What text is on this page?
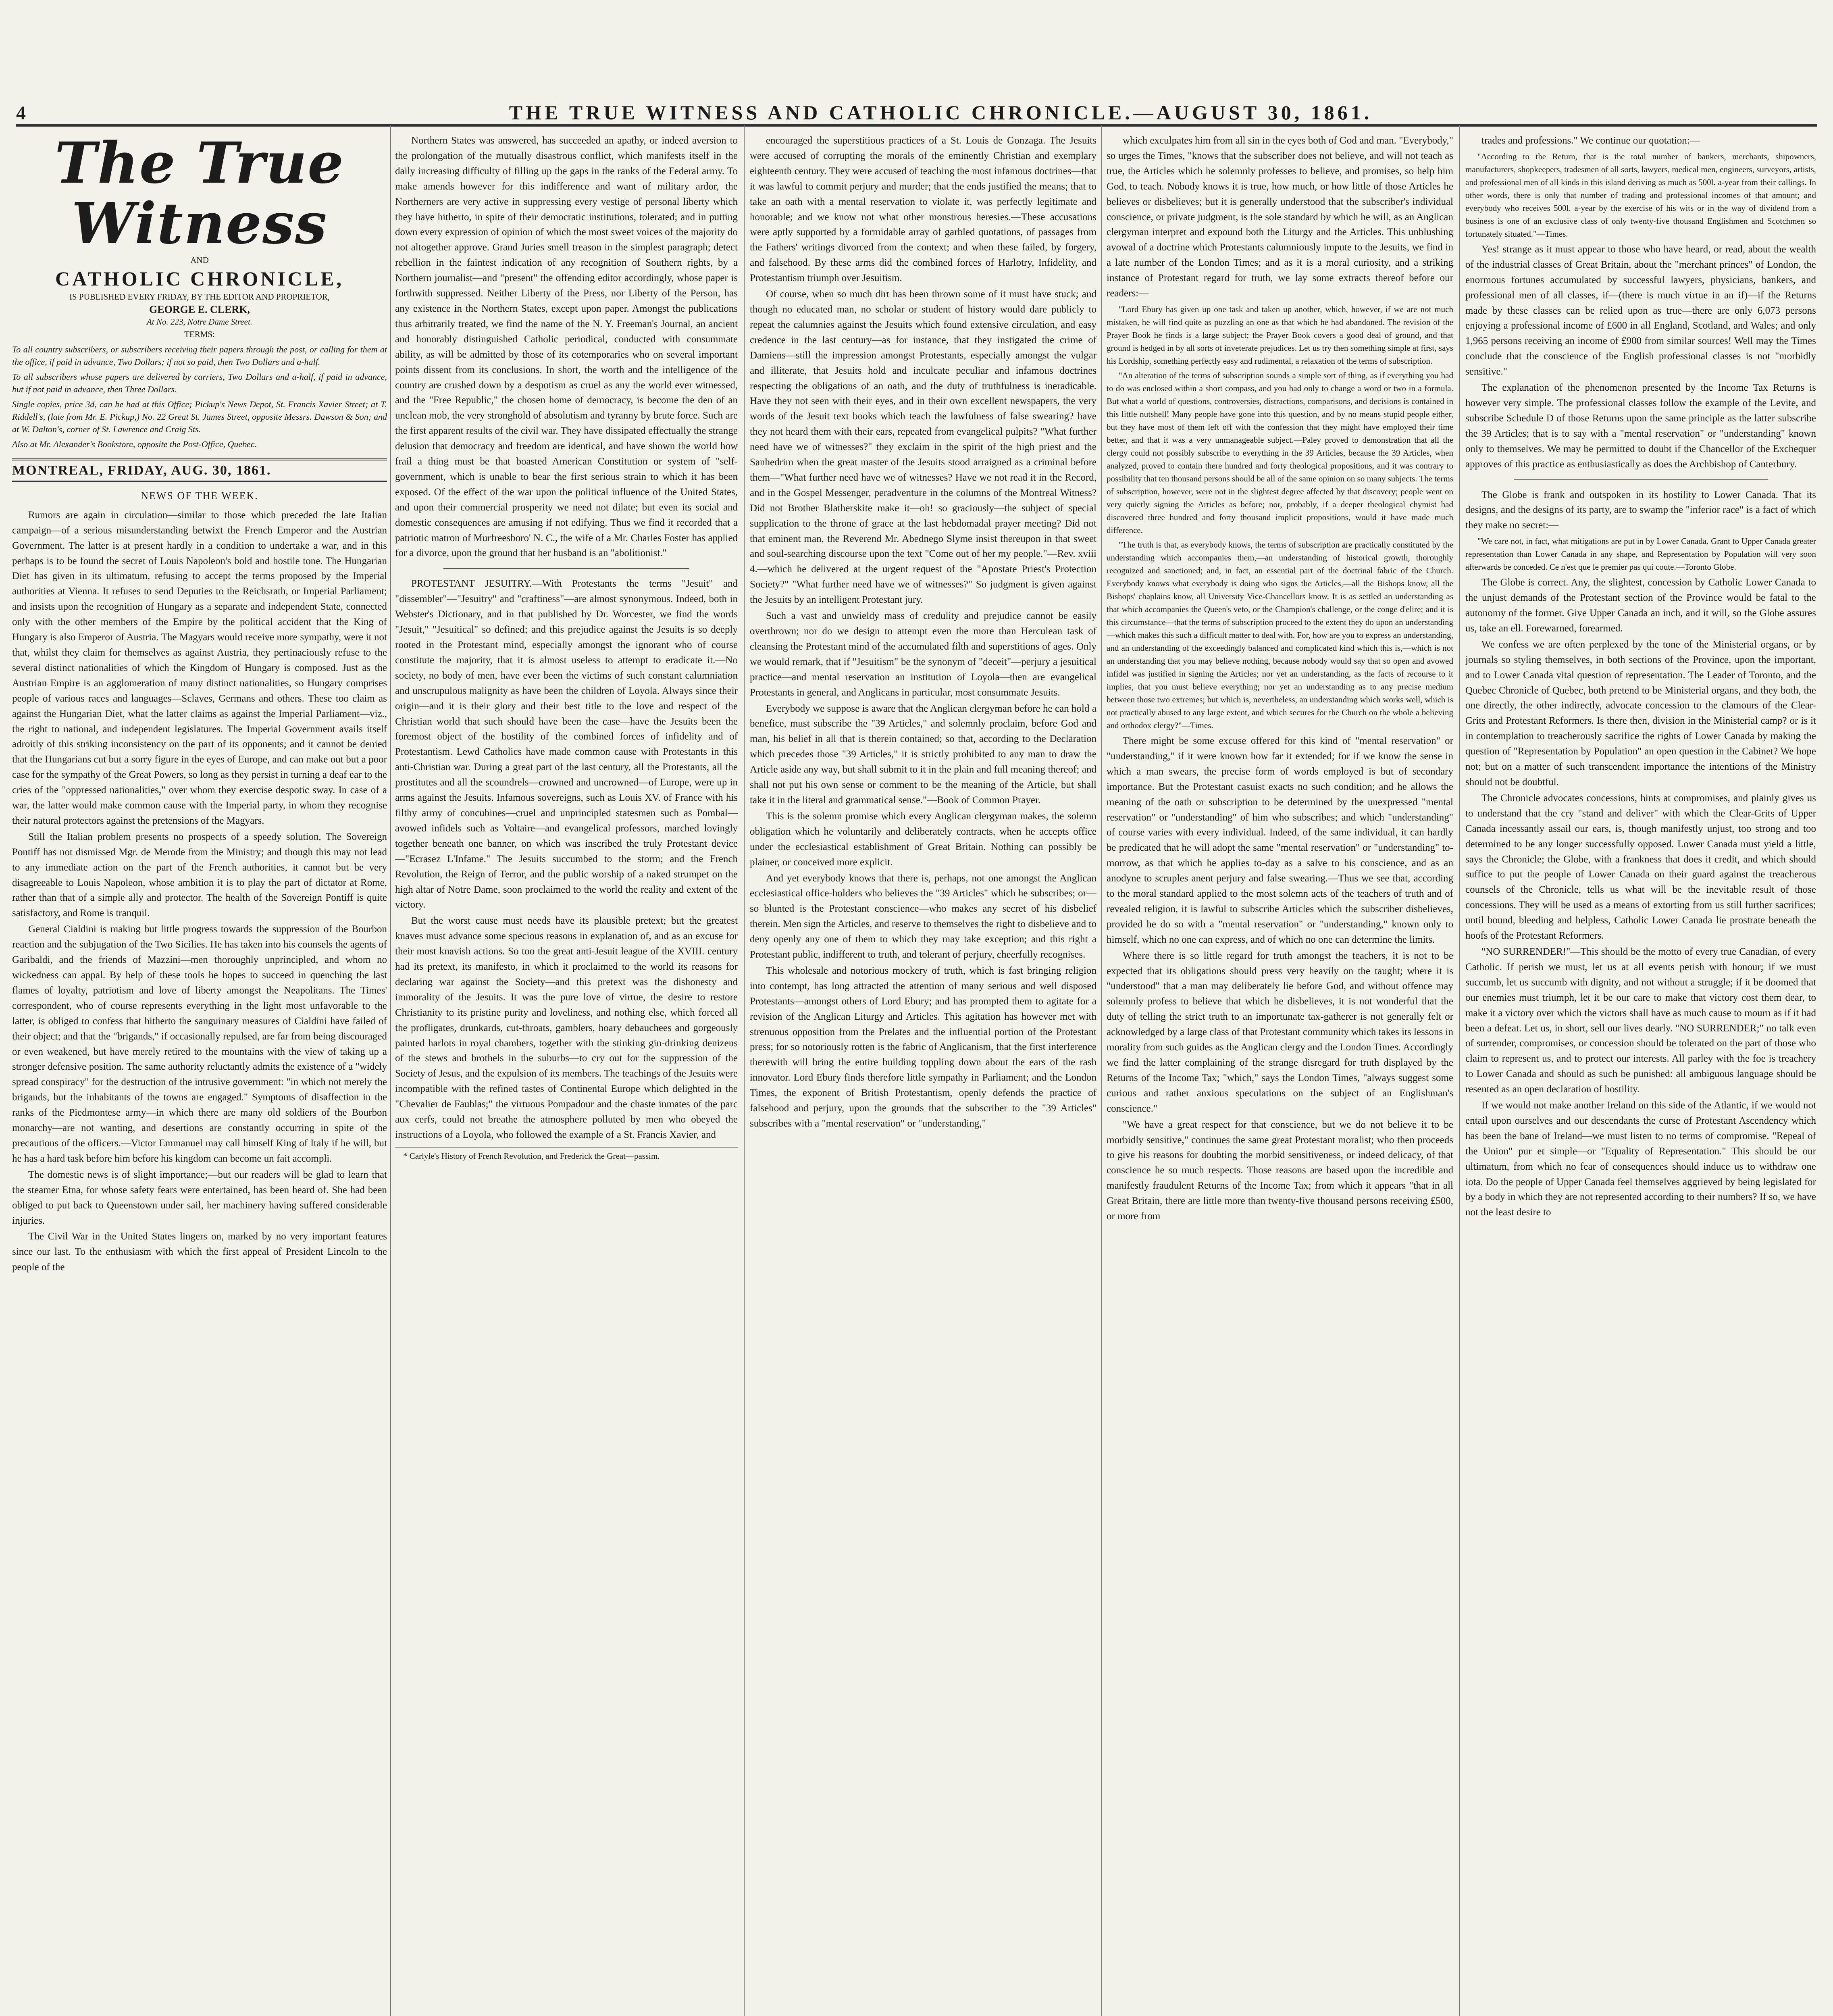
4	THE TRUE WITNESS AND CATHOLIC CHRONICLE.—AUGUST 30, 1861.
The True Witness
AND
CATHOLIC CHRONICLE,
IS PUBLISHED EVERY FRIDAY, BY THE EDITOR AND PROPRIETOR,
GEORGE E. CLERK,
At No. 223, Notre Dame Street.
TERMS:
To all country subscribers, or subscribers receiving their papers through the post, or calling for them at the office, if paid in advance, Two Dollars; if not so paid, then Two Dollars and a-half.
To all subscribers whose papers are delivered by carriers, Two Dollars and a-half, if paid in advance, but if not paid in advance, then Three Dollars.
Single copies, price 3d, can be had at this Office; Pickup's News Depot, St. Francis Xavier Street; at T. Riddell's, (late from Mr. E. Pickup,) No. 22 Great St. James Street, opposite Messrs. Dawson & Son; and at W. Dalton's, corner of St. Lawrence and Craig Sts.
Also at Mr. Alexander's Bookstore, opposite the Post-Office, Quebec.
MONTREAL, FRIDAY, AUG. 30, 1861.
NEWS OF THE WEEK.

Rumors are again in circulation—similar to those which preceded the late Italian campaign—of a serious misunderstanding betwixt the French Emperor and the Austrian Government. The latter is at present hardly in a condition to undertake a war, and in this perhaps is to be found the secret of Louis Napoleon's bold and hostile tone. The Hungarian Diet has given in its ultimatum, refusing to accept the terms proposed by the Imperial authorities at Vienna. It refuses to send Deputies to the Reichsrath, or Imperial Parliament; and insists upon the recognition of Hungary as a separate and independent State, connected only with the other members of the Empire by the political accident that the King of Hungary is also Emperor of Austria. The Magyars would receive more sympathy, were it not that, whilst they claim for themselves as against Austria, they pertinaciously refuse to the several distinct nationalities of which the Kingdom of Hungary is composed. Just as the Austrian Empire is an agglomeration of many distinct nationalities, so Hungary comprises people of various races and languages—Sclaves, Germans and others. These too claim as against the Hungarian Diet, what the latter claims as against the Imperial Parliament—viz., the right to national, and independent legislatures. The Imperial Government avails itself adroitly of this striking inconsistency on the part of its opponents; and it cannot be denied that the Hungarians cut but a sorry figure in the eyes of Europe, and can make out but a poor case for the sympathy of the Great Powers, so long as they persist in turning a deaf ear to the cries of the "oppressed nationalities," over whom they exercise despotic sway. In case of a war, the latter would make common cause with the Imperial party, in whom they recognise their natural protectors against the pretensions of the Magyars.

Still the Italian problem presents no prospects of a speedy solution. The Sovereign Pontiff has not dismissed Mgr. de Merode from the Ministry; and though this may not lead to any immediate action on the part of the French authorities, it cannot but be very disagreeable to Louis Napoleon, whose ambition it is to play the part of dictator at Rome, rather than that of a simple ally and protector. The health of the Sovereign Pontiff is quite satisfactory, and Rome is tranquil.

General Cialdini is making but little progress towards the suppression of the Bourbon reaction and the subjugation of the Two Sicilies. He has taken into his counsels the agents of Garibaldi, and the friends of Mazzini—men thoroughly unprincipled, and whom no wickedness can appal. By help of these tools he hopes to succeed in quenching the last flames of loyalty, patriotism and love of liberty amongst the Neapolitans. The Times' correspondent, who of course represents everything in the light most unfavorable to the latter, is obliged to confess that hitherto the sanguinary measures of Cialdini have failed of their object; and that the "brigands," if occasionally repulsed, are far from being discouraged or even weakened, but have merely retired to the mountains with the view of taking up a stronger defensive position. The same authority reluctantly admits the existence of a "widely spread conspiracy" for the destruction of the intrusive government: "in which not merely the brigands, but the inhabitants of the towns are engaged." Symptoms of disaffection in the ranks of the Piedmontese army—in which there are many old soldiers of the Bourbon monarchy—are not wanting, and desertions are constantly occurring in spite of the precautions of the officers.—Victor Emmanuel may call himself King of Italy if he will, but he has a hard task before him before his kingdom can become un fait accompli.

The domestic news is of slight importance;—but our readers will be glad to learn that the steamer Etna, for whose safety fears were entertained, has been heard of. She had been obliged to put back to Queenstown under sail, her machinery having suffered considerable injuries.

The Civil War in the United States lingers on, marked by no very important features since our last. To the enthusiasm with which the first appeal of President Lincoln to the people of the

Northern States was answered, has succeeded an apathy, or indeed aversion to the prolongation of the mutually disastrous conflict, which manifests itself in the daily increasing difficulty of filling up the gaps in the ranks of the Federal army. To make amends however for this indifference and want of military ardor, the Northerners are very active in suppressing every vestige of personal liberty which they have hitherto, in spite of their democratic institutions, tolerated; and in putting down every expression of opinion of which the most sweet voices of the majority do not altogether approve. Grand Juries smell treason in the simplest paragraph; detect rebellion in the faintest indication of any recognition of Southern rights, by a Northern journalist—and "present" the offending editor accordingly, whose paper is forthwith suppressed. Neither Liberty of the Press, nor Liberty of the Person, has any existence in the Northern States, except upon paper. Amongst the publications thus arbitrarily treated, we find the name of the N. Y. Freeman's Journal, an ancient and honorably distinguished Catholic periodical, conducted with consummate ability, as will be admitted by those of its cotemporaries who on several important points dissent from its conclusions. In short, the worth and the intelligence of the country are crushed down by a despotism as cruel as any the world ever witnessed, and the "Free Republic," the chosen home of democracy, is become the den of an unclean mob, the very stronghold of absolutism and tyranny by brute force. Such are the first apparent results of the civil war. They have dissipated effectually the strange delusion that democracy and freedom are identical, and have shown the world how frail a thing must be that boasted American Constitution or system of "self-government, which is unable to bear the first serious strain to which it has been exposed. Of the effect of the war upon the political influence of the United States, and upon their commercial prosperity we need not dilate; but even its social and domestic consequences are amusing if not edifying. Thus we find it recorded that a patriotic matron of Murfreesboro' N. C., the wife of a Mr. Charles Foster has applied for a divorce, upon the ground that her husband is an "abolitionist."

PROTESTANT JESUITRY.—With Protestants the terms "Jesuit" and "dissembler"—"Jesuitry" and "craftiness"—are almost synonymous. Indeed, both in Webster's Dictionary, and in that published by Dr. Worcester, we find the words "Jesuit," "Jesuitical" so defined; and this prejudice against the Jesuits is so deeply rooted in the Protestant mind, especially amongst the ignorant who of course constitute the majority, that it is almost useless to attempt to eradicate it.—No society, no body of men, have ever been the victims of such constant calumniation and unscrupulous malignity as have been the children of Loyola. Always since their origin—and it is their glory and their best title to the love and respect of the Christian world that such should have been the case—have the Jesuits been the foremost object of the hostility of the combined forces of infidelity and of Protestantism. Lewd Catholics have made common cause with Protestants in this anti-Christian war. During a great part of the last century, all the Protestants, all the prostitutes and all the scoundrels—crowned and uncrowned—of Europe, were up in arms against the Jesuits. Infamous sovereigns, such as Louis XV. of France with his filthy army of concubines—cruel and unprincipled statesmen such as Pombal—avowed infidels such as Voltaire—and evangelical professors, marched lovingly together beneath one banner, on which was inscribed the truly Protestant device—"Ecrasez L'Infame." The Jesuits succumbed to the storm; and the French Revolution, the Reign of Terror, and the public worship of a naked strumpet on the high altar of Notre Dame, soon proclaimed to the world the reality and extent of the victory.

But the worst cause must needs have its plausible pretext; but the greatest knaves must advance some specious reasons in explanation of, and as an excuse for their most knavish actions. So too the great anti-Jesuit league of the XVIII. century had its pretext, its manifesto, in which it proclaimed to the world its reasons for declaring war against the Society—and this pretext was the dishonesty and immorality of the Jesuits. It was the pure love of virtue, the desire to restore Christianity to its pristine purity and loveliness, and nothing else, which forced all the profligates, drunkards, cut-throats, gamblers, hoary debauchees and gorgeously painted harlots in royal chambers, together with the stinking gin-drinking denizens of the stews and brothels in the suburbs—to cry out for the suppression of the Society of Jesus, and the expulsion of its members. The teachings of the Jesuits were incompatible with the refined tastes of Continental Europe which delighted in the "Chevalier de Faublas;" the virtuous Pompadour and the chaste inmates of the parc aux cerfs, could not breathe the atmosphere polluted by men who obeyed the instructions of a Loyola, who followed the example of a St. Francis Xavier, and

* Carlyle's History of French Revolution, and Frederick the Great—passim.

encouraged the superstitious practices of a St. Louis de Gonzaga. The Jesuits were accused of corrupting the morals of the eminently Christian and exemplary eighteenth century. They were accused of teaching the most infamous doctrines—that it was lawful to commit perjury and murder; that the ends justified the means; that to take an oath with a mental reservation to violate it, was perfectly legitimate and honorable; and we know not what other monstrous heresies.—These accusations were aptly supported by a formidable array of garbled quotations, of passages from the Fathers' writings divorced from the context; and when these failed, by forgery, and falsehood. By these arms did the combined forces of Harlotry, Infidelity, and Protestantism triumph over Jesuitism.

Of course, when so much dirt has been thrown some of it must have stuck; and though no educated man, no scholar or student of history would dare publicly to repeat the calumnies against the Jesuits which found extensive circulation, and easy credence in the last century—as for instance, that they instigated the crime of Damiens—still the impression amongst Protestants, especially amongst the vulgar and illiterate, that Jesuits hold and inculcate peculiar and infamous doctrines respecting the obligations of an oath, and the duty of truthfulness is ineradicable. Have they not seen with their eyes, and in their own excellent newspapers, the very words of the Jesuit text books which teach the lawfulness of false swearing? have they not heard them with their ears, repeated from evangelical pulpits? "What further need have we of witnesses?" they exclaim in the spirit of the high priest and the Sanhedrim when the great master of the Jesuits stood arraigned as a criminal before them—"What further need have we of witnesses? Have we not read it in the Record, and in the Gospel Messenger, peradventure in the columns of the Montreal Witness? Did not Brother Blatherskite make it—oh! so graciously—the subject of special supplication to the throne of grace at the last hebdomadal prayer meeting? Did not that eminent man, the Reverend Mr. Abednego Slyme insist thereupon in that sweet and soul-searching discourse upon the text "Come out of her my people."—Rev. xviii 4.—which he delivered at the urgent request of the "Apostate Priest's Protection Society?" "What further need have we of witnesses?" So judgment is given against the Jesuits by an intelligent Protestant jury.

Such a vast and unwieldy mass of credulity and prejudice cannot be easily overthrown; nor do we design to attempt even the more than Herculean task of cleansing the Protestant mind of the accumulated filth and superstitions of ages. Only we would remark, that if "Jesuitism" be the synonym of "deceit"—perjury a jesuitical practice—and mental reservation an institution of Loyola—then are evangelical Protestants in general, and Anglicans in particular, most consummate Jesuits.

Everybody we suppose is aware that the Anglican clergyman before he can hold a benefice, must subscribe the "39 Articles," and solemnly proclaim, before God and man, his belief in all that is therein contained; so that, according to the Declaration which precedes those "39 Articles," it is strictly prohibited to any man to draw the Article aside any way, but shall submit to it in the plain and full meaning thereof; and shall not put his own sense or comment to be the meaning of the Article, but shall take it in the literal and grammatical sense."—Book of Common Prayer.

This is the solemn promise which every Anglican clergyman makes, the solemn obligation which he voluntarily and deliberately contracts, when he accepts office under the ecclesiastical establishment of Great Britain. Nothing can possibly be plainer, or conceived more explicit.

And yet everybody knows that there is, perhaps, not one amongst the Anglican ecclesiastical office-holders who believes the "39 Articles" which he subscribes; or—so blunted is the Protestant conscience—who makes any secret of his disbelief therein. Men sign the Articles, and reserve to themselves the right to disbelieve and to deny openly any one of them to which they may take exception; and this right a Protestant public, indifferent to truth, and tolerant of perjury, cheerfully recognises.

This wholesale and notorious mockery of truth, which is fast bringing religion into contempt, has long attracted the attention of many serious and well disposed Protestants—amongst others of Lord Ebury; and has prompted them to agitate for a revision of the Anglican Liturgy and Articles. This agitation has however met with strenuous opposition from the Prelates and the influential portion of the Protestant press; for so notoriously rotten is the fabric of Anglicanism, that the first interference therewith will bring the entire building toppling down about the ears of the rash innovator. Lord Ebury finds therefore little sympathy in Parliament; and the London Times, the exponent of British Protestantism, openly defends the practice of falsehood and perjury, upon the grounds that the subscriber to the "39 Articles" subscribes with a "mental reservation" or "understanding,"

which exculpates him from all sin in the eyes both of God and man. "Everybody," so urges the Times, "knows that the subscriber does not believe, and will not teach as true, the Articles which he solemnly professes to believe, and promises, so help him God, to teach. Nobody knows it is true, how much, or how little of those Articles he believes or disbelieves; but it is generally understood that the subscriber's individual conscience, or private judgment, is the sole standard by which he will, as an Anglican clergyman interpret and expound both the Liturgy and the Articles. This unblushing avowal of a doctrine which Protestants calumniously impute to the Jesuits, we find in a late number of the London Times; and as it is a moral curiosity, and a striking instance of Protestant regard for truth, we lay some extracts thereof before our readers:—

"Lord Ebury has given up one task and taken up another, which, however, if we are not much mistaken, he will find quite as puzzling an one as that which he had abandoned. The revision of the Prayer Book he finds is a large subject; the Prayer Book covers a good deal of ground, and that ground is hedged in by all sorts of inveterate prejudices. Let us try then something simple at first, says his Lordship, something perfectly easy and rudimental, a relaxation of the terms of subscription.

"An alteration of the terms of subscription sounds a simple sort of thing, as if everything you had to do was enclosed within a short compass, and you had only to change a word or two in a formula. But what a world of questions, controversies, distractions, comparisons, and decisions is contained in this little nutshell! Many people have gone into this question, and by no means stupid people either, but they have most of them left off with the confession that they might have employed their time better, and that it was a very unmanageable subject.—Paley proved to demonstration that all the clergy could not possibly subscribe to everything in the 39 Articles, because the 39 Articles, when analyzed, proved to contain there hundred and forty theological propositions, and it was contrary to possibility that ten thousand persons should be all of the same opinion on so many subjects. The terms of subscription, however, were not in the slightest degree affected by that discovery; people went on very quietly signing the Articles as before; nor, probably, if a deeper theological chymist had discovered three hundred and forty thousand implicit propositions, would it have made much difference.

"The truth is that, as everybody knows, the terms of subscription are practically constituted by the understanding which accompanies them,—an understanding of historical growth, thoroughly recognized and sanctioned; and, in fact, an essential part of the doctrinal fabric of the Church. Everybody knows what everybody is doing who signs the Articles,—all the Bishops know, all the Bishops' chaplains know, all University Vice-Chancellors know. It is as settled an understanding as that which accompanies the Queen's veto, or the Champion's challenge, or the conge d'elire; and it is this circumstance—that the terms of subscription proceed to the extent they do upon an understanding—which makes this such a difficult matter to deal with. For, how are you to express an understanding, and an understanding of the exceedingly balanced and complicated kind which this is,—which is not an understanding that you may believe nothing, because nobody would say that so open and avowed infidel was justified in signing the Articles; nor yet an understanding, as the facts of recourse to it implies, that you must believe everything; nor yet an understanding as to any precise medium between those two extremes; but which is, nevertheless, an understanding which works well, which is not practically abused to any large extent, and which secures for the Church on the whole a believing and orthodox clergy?"—Times.

There might be some excuse offered for this kind of "mental reservation" or "understanding," if it were known how far it extended; for if we know the sense in which a man swears, the precise form of words employed is but of secondary importance. But the Protestant casuist exacts no such condition; and he allows the meaning of the oath or subscription to be determined by the unexpressed "mental reservation" or "understanding" of him who subscribes; and which "understanding" of course varies with every individual. Indeed, of the same individual, it can hardly be predicated that he will adopt the same "mental reservation" or "understanding" to-morrow, as that which he applies to-day as a salve to his conscience, and as an anodyne to scruples anent perjury and false swearing.—Thus we see that, according to the moral standard applied to the most solemn acts of the teachers of truth and of revealed religion, it is lawful to subscribe Articles which the subscriber disbelieves, provided he do so with a "mental reservation" or "understanding," known only to himself, which no one can express, and of which no one can determine the limits.

Where there is so little regard for truth amongst the teachers, it is not to be expected that its obligations should press very heavily on the taught; where it is "understood" that a man may deliberately lie before God, and without offence may solemnly profess to believe that which he disbelieves, it is not wonderful that the duty of telling the strict truth to an importunate tax-gatherer is not generally felt or acknowledged by a large class of that Protestant community which takes its lessons in morality from such guides as the Anglican clergy and the London Times. Accordingly we find the latter complaining of the strange disregard for truth displayed by the Returns of the Income Tax; "which," says the London Times, "always suggest some curious and rather anxious speculations on the subject of an Englishman's conscience."

"We have a great respect for that conscience, but we do not believe it to be morbidly sensitive," continues the same great Protestant moralist; who then proceeds to give his reasons for doubting the morbid sensitiveness, or indeed delicacy, of that conscience he so much respects. Those reasons are based upon the incredible and manifestly fraudulent Returns of the Income Tax; from which it appears "that in all Great Britain, there are little more than twenty-five thousand persons receiving £500, or more from

trades and professions." We continue our quotation:—

"According to the Return, that is the total number of bankers, merchants, shipowners, manufacturers, shopkeepers, tradesmen of all sorts, lawyers, medical men, engineers, surveyors, artists, and professional men of all kinds in this island deriving as much as 500l. a-year from their callings. In other words, there is only that number of trading and professional incomes of that amount; and everybody who receives 500l. a-year by the exercise of his wits or in the way of dividend from a business is one of an exclusive class of only twenty-five thousand Englishmen and Scotchmen so fortunately situated."—Times.

Yes! strange as it must appear to those who have heard, or read, about the wealth of the industrial classes of Great Britain, about the "merchant princes" of London, the enormous fortunes accumulated by successful lawyers, physicians, bankers, and professional men of all classes, if—(there is much virtue in an if)—if the Returns made by these classes can be relied upon as true—there are only 6,073 persons enjoying a professional income of £600 in all England, Scotland, and Wales; and only 1,965 persons receiving an income of £900 from similar sources! Well may the Times conclude that the conscience of the English professional classes is not "morbidly sensitive."

The explanation of the phenomenon presented by the Income Tax Returns is however very simple. The professional classes follow the example of the Levite, and subscribe Schedule D of those Returns upon the same principle as the latter subscribe the 39 Articles; that is to say with a "mental reservation" or "understanding" known only to themselves. We may be permitted to doubt if the Chancellor of the Exchequer approves of this practice as enthusiastically as does the Archbishop of Canterbury.

The Globe is frank and outspoken in its hostility to Lower Canada. That its designs, and the designs of its party, are to swamp the "inferior race" is a fact of which they make no secret:—

"We care not, in fact, what mitigations are put in by Lower Canada. Grant to Upper Canada greater representation than Lower Canada in any shape, and Representation by Population will very soon afterwards be conceded. Ce n'est que le premier pas qui coute.—Toronto Globe.

The Globe is correct. Any, the slightest, concession by Catholic Lower Canada to the unjust demands of the Protestant section of the Province would be fatal to the autonomy of the former. Give Upper Canada an inch, and it will, so the Globe assures us, take an ell. Forewarned, forearmed.

We confess we are often perplexed by the tone of the Ministerial organs, or by journals so styling themselves, in both sections of the Province, upon the important, and to Lower Canada vital question of representation. The Leader of Toronto, and the Quebec Chronicle of Quebec, both pretend to be Ministerial organs, and they both, the one directly, the other indirectly, advocate concession to the clamours of the Clear-Grits and Protestant Reformers. Is there then, division in the Ministerial camp? or is it in contemplation to treacherously sacrifice the rights of Lower Canada by making the question of "Representation by Population" an open question in the Cabinet? We hope not; but on a matter of such transcendent importance the intentions of the Ministry should not be doubtful.

The Chronicle advocates concessions, hints at compromises, and plainly gives us to understand that the cry "stand and deliver" with which the Clear-Grits of Upper Canada incessantly assail our ears, is, though manifestly unjust, too strong and too determined to be any longer successfully opposed. Lower Canada must yield a little, says the Chronicle; the Globe, with a frankness that does it credit, and which should suffice to put the people of Lower Canada on their guard against the treacherous counsels of the Chronicle, tells us what will be the inevitable result of those concessions. They will be used as a means of extorting from us still further sacrifices; until bound, bleeding and helpless, Catholic Lower Canada lie prostrate beneath the hoofs of the Protestant Reformers.

"NO SURRENDER!"—This should be the motto of every true Canadian, of every Catholic. If perish we must, let us at all events perish with honour; if we must succumb, let us succumb with dignity, and not without a struggle; if it be doomed that our enemies must triumph, let it be our care to make that victory cost them dear, to make it a victory over which the victors shall have as much cause to mourn as if it had been a defeat. Let us, in short, sell our lives dearly. "NO SURRENDER;" no talk even of surrender, compromises, or concession should be tolerated on the part of those who claim to represent us, and to protect our interests. All parley with the foe is treachery to Lower Canada and should as such be punished: all ambiguous language should be resented as an open declaration of hostility.

If we would not make another Ireland on this side of the Atlantic, if we would not entail upon ourselves and our descendants the curse of Protestant Ascendency which has been the bane of Ireland—we must listen to no terms of compromise. "Repeal of the Union" pur et simple—or "Equality of Representation." This should be our ultimatum, from which no fear of consequences should induce us to withdraw one iota. Do the people of Upper Canada feel themselves aggrieved by being legislated for by a body in which they are not represented according to their numbers? If so, we have not the least desire to
